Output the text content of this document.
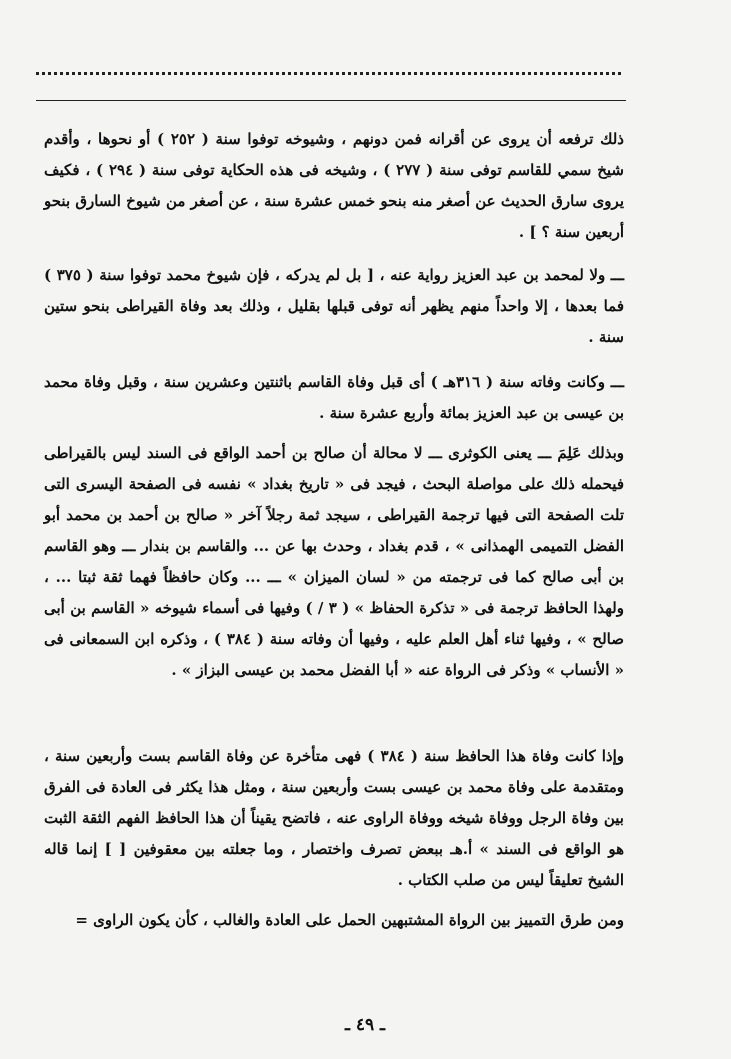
ذلك ترفعه أن يروى عن أقرانه فمن دونهم ، وشيوخه توفوا سنة ( ٢٥٢ ) أو نحوها ، وأقدم شيخ سمي للقاسم توفى سنة ( ٢٧٧ ) ، وشيخه فى هذه الحكاية توفى سنة ( ٢٩٤ ) ، فكيف يروى سارق الحديث عن أصغر منه بنحو خمس عشرة سنة ، عن أصغر من شيوخ السارق بنحو أربعين سنة ؟ ] .

ـــ ولا لمحمد بن عبد العزيز رواية عنه ، [ بل لم يدركه ، فإن شيوخ محمد توفوا سنة ( ٣٧٥ ) فما بعدها ، إلا واحداً منهم يظهر أنه توفى قبلها بقليل ، وذلك بعد وفاة القيراطى بنحو ستين سنة .

ـــ وكانت وفاته سنة ( ٣١٦هـ ) أى قبل وفاة القاسم باثنتين وعشرين سنة ، وقبل وفاة محمد بن عيسى بن عبد العزيز بمائة وأربع عشرة سنة .

وبذلك عَلِمَ ـــ يعنى الكوثرى ـــ لا محالة أن صالح بن أحمد الواقع فى السند ليس بالقيراطى فيحمله ذلك على مواصلة البحث ، فيجد فى « تاريخ بغداد » نفسه فى الصفحة اليسرى التى تلت الصفحة التى فيها ترجمة القيراطى ، سيجد ثمة رجلاً آخر « صالح بن أحمد بن محمد أبو الفضل التميمى الهمذانى » ، قدم بغداد ، وحدث بها عن ... والقاسم بن بندار ـــ وهو القاسم بن أبى صالح كما فى ترجمته من « لسان الميزان » ـــ ... وكان حافظاً فهما ثقة ثبتا ... ، ولهذا الحافظ ترجمة فى « تذكرة الحفاظ » ( ٣ / ) وفيها فى أسماء شيوخه « القاسم بن أبى صالح » ، وفيها ثناء أهل العلم عليه ، وفيها أن وفاته سنة ( ٣٨٤ ) ، وذكره ابن السمعانى فى « الأنساب » وذكر فى الرواة عنه « أبا الفضل محمد بن عيسى البزاز » .

وإذا كانت وفاة هذا الحافظ سنة ( ٣٨٤ ) فهى متأخرة عن وفاة القاسم بست وأربعين سنة ، ومتقدمة على وفاة محمد بن عيسى بست وأربعين سنة ، ومثل هذا يكثر فى العادة فى الفرق بين وفاة الرجل ووفاة شيخه ووفاة الراوى عنه ، فاتضح يقيناً أن هذا الحافظ الفهم الثقة الثبت هو الواقع فى السند » أ.هـ ببعض تصرف واختصار ، وما جعلته بين معقوفين [ ] إنما قاله الشيخ تعليقاً ليس من صلب الكتاب .

ومن طرق التمييز بين الرواة المشتبهين الحمل على العادة والغالب ، كأن يكون الراوى =

ـ ٤٩ ـ
